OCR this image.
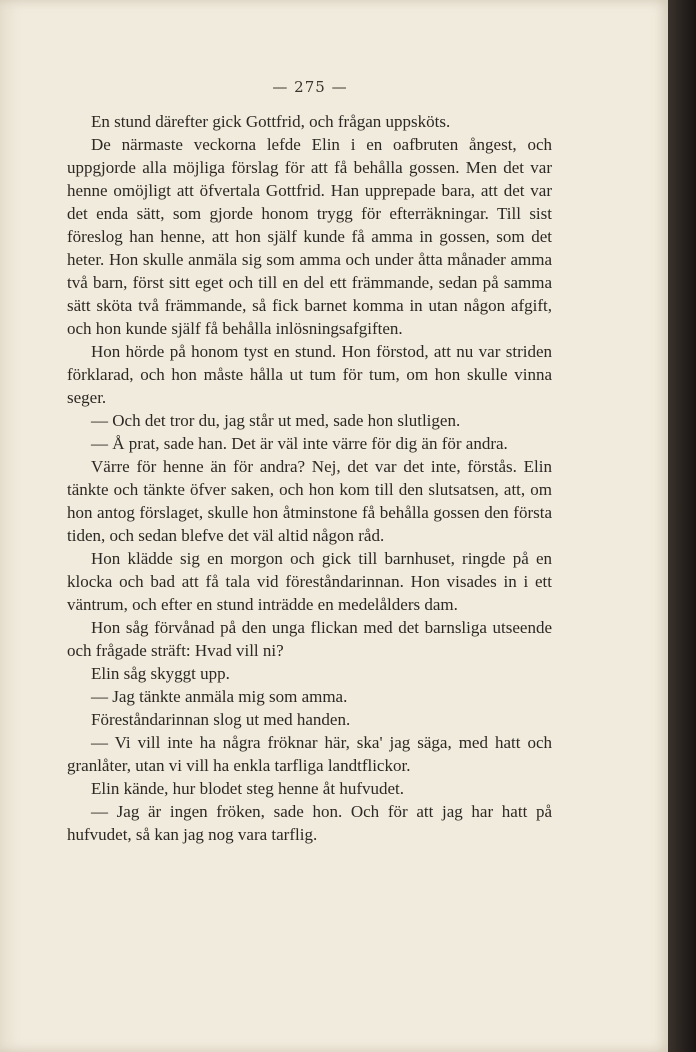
— 275 —

En stund därefter gick Gottfrid, och frågan uppsköts.

De närmaste veckorna lefde Elin i en oafbruten ångest, och uppgjorde alla möjliga förslag för att få behålla gossen. Men det var henne omöjligt att öfvertala Gottfrid. Han upprepade bara, att det var det enda sätt, som gjorde honom trygg för efterräkningar. Till sist föreslog han henne, att hon själf kunde få amma in gossen, som det heter. Hon skulle anmäla sig som amma och under åtta månader amma två barn, först sitt eget och till en del ett främmande, sedan på samma sätt sköta två främmande, så fick barnet komma in utan någon afgift, och hon kunde själf få behålla inlösningsafgiften.

Hon hörde på honom tyst en stund. Hon förstod, att nu var striden förklarad, och hon måste hålla ut tum för tum, om hon skulle vinna seger.

— Och det tror du, jag står ut med, sade hon slutligen.

— Å prat, sade han. Det är väl inte värre för dig än för andra.

Värre för henne än för andra? Nej, det var det inte, förstås. Elin tänkte och tänkte öfver saken, och hon kom till den slutsatsen, att, om hon antog förslaget, skulle hon åtminstone få behålla gossen den första tiden, och sedan blefve det väl altid någon råd.

Hon klädde sig en morgon och gick till barnhuset, ringde på en klocka och bad att få tala vid föreståndarinnan. Hon visades in i ett väntrum, och efter en stund inträdde en medelålders dam.

Hon såg förvånad på den unga flickan med det barnsliga utseende och frågade sträft: Hvad vill ni?

Elin såg skyggt upp.

— Jag tänkte anmäla mig som amma.

Föreståndarinnan slog ut med handen.

— Vi vill inte ha några fröknar här, ska' jag säga, med hatt och granlåter, utan vi vill ha enkla tarfliga landtflickor.

Elin kände, hur blodet steg henne åt hufvudet.

— Jag är ingen fröken, sade hon. Och för att jag har hatt på hufvudet, så kan jag nog vara tarflig.
